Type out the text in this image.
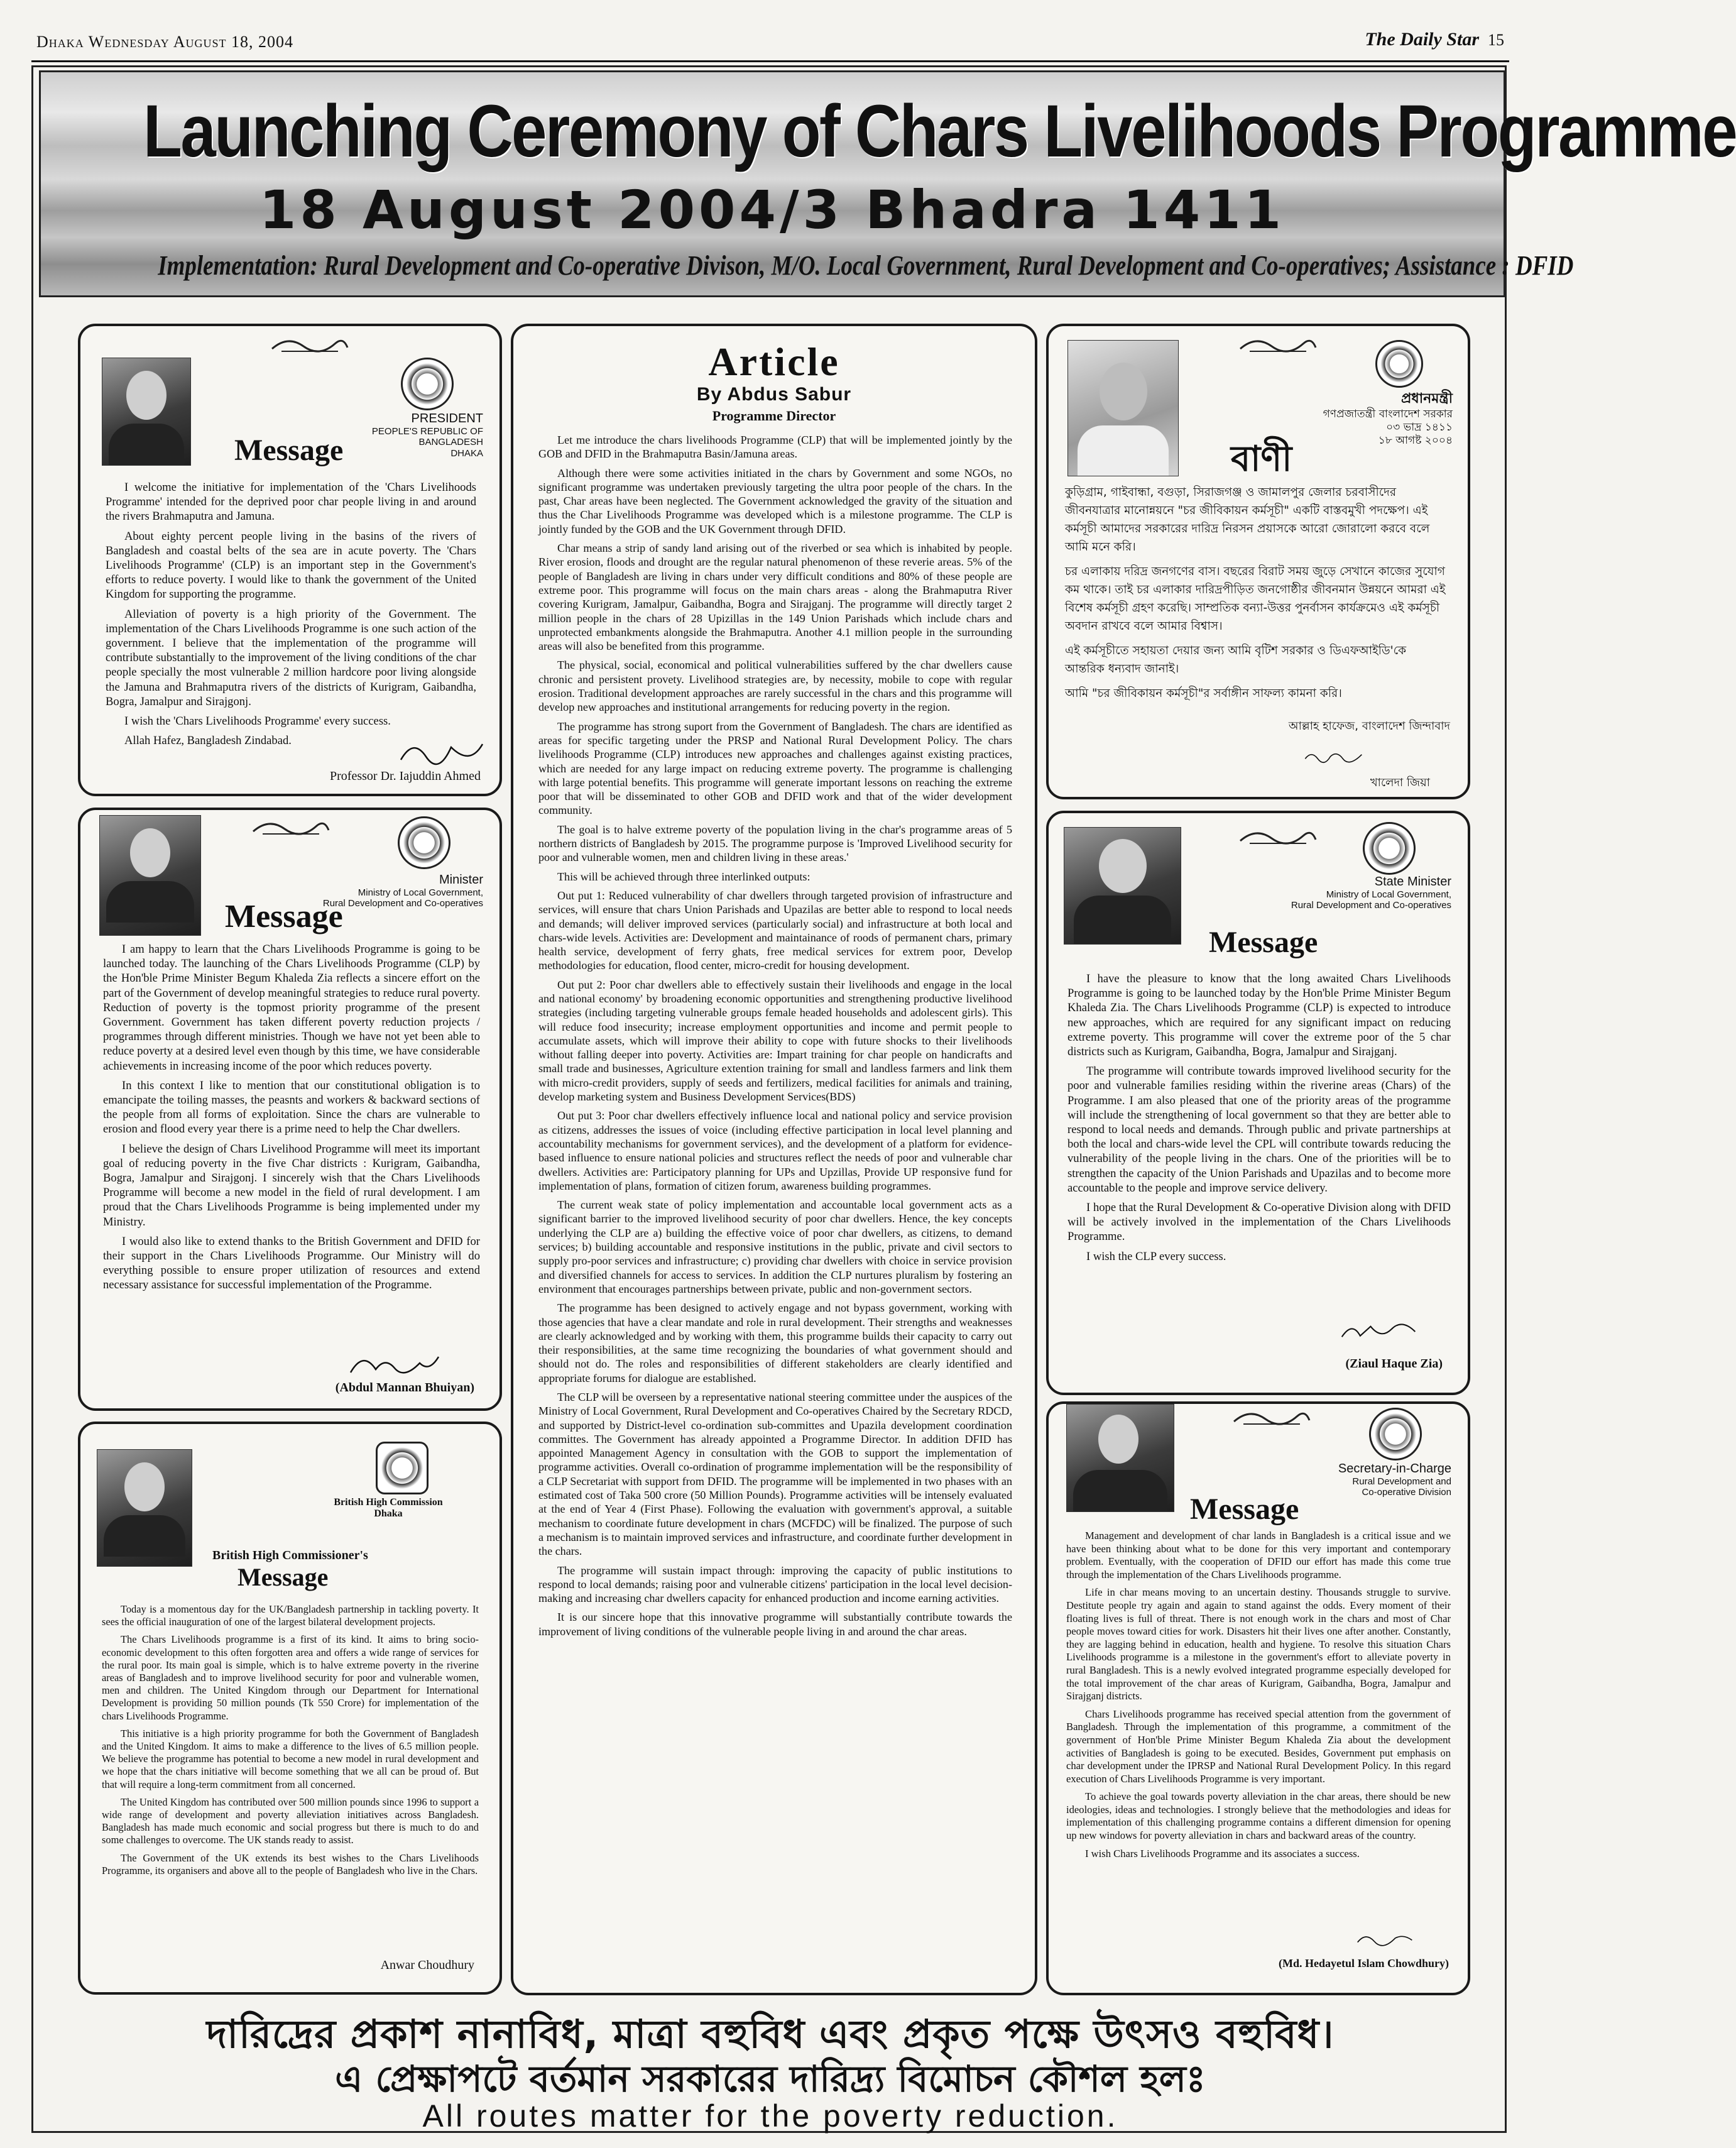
Dhaka Wednesday August 18, 2004	The Daily Star 15
Launching Ceremony of Chars Livelihoods Programme
18 August 2004/3 Bhadra 1411
Implementation: Rural Development and Co-operative Divison, M/O. Local Government, Rural Development and Co-operatives; Assistance : DFID
PRESIDENT
PEOPLE'S REPUBLIC OF BANGLADESH
DHAKA
Message

I welcome the initiative for implementation of the 'Chars Livelihoods Programme' intended for the deprived poor char people living in and around the rivers Brahmaputra and Jamuna.

About eighty percent people living in the basins of the rivers of Bangladesh and coastal belts of the sea are in acute poverty. The 'Chars Livelihoods Programme' (CLP) is an important step in the Government's efforts to reduce poverty. I would like to thank the government of the United Kingdom for supporting the programme.

Alleviation of poverty is a high priority of the Government. The implementation of the Chars Livelihoods Programme is one such action of the government. I believe that the implementation of the programme will contribute substantially to the improvement of the living conditions of the char people specially the most vulnerable 2 million hardcore poor living alongside the Jamuna and Brahmaputra rivers of the districts of Kurigram, Gaibandha, Bogra, Jamalpur and Sirajgonj.

I wish the 'Chars Livelihoods Programme' every success.

Allah Hafez, Bangladesh Zindabad.

Professor Dr. Iajuddin Ahmed
Minister
Ministry of Local Government,
Rural Development and Co-operatives
Message

I am happy to learn that the Chars Livelihoods Programme is going to be launched today. The launching of the Chars Livelihoods Programme (CLP) by the Hon'ble Prime Minister Begum Khaleda Zia reflects a sincere effort on the part of the Government of develop meaningful strategies to reduce rural poverty. Reduction of poverty is the topmost priority programme of the present Government. Government has taken different poverty reduction projects / programmes through different ministries. Though we have not yet been able to reduce poverty at a desired level even though by this time, we have considerable achievements in increasing income of the poor which reduces poverty.

In this context I like to mention that our constitutional obligation is to emancipate the toiling masses, the peasnts and workers & backward sections of the people from all forms of exploitation. Since the chars are vulnerable to erosion and flood every year there is a prime need to help the Char dwellers.

I believe the design of Chars Livelihood Programme will meet its important goal of reducing poverty in the five Char districts : Kurigram, Gaibandha, Bogra, Jamalpur and Sirajgonj. I sincerely wish that the Chars Livelihoods Programme will become a new model in the field of rural development. I am proud that the Chars Livelihoods Programme is being implemented under my Ministry.

I would also like to extend thanks to the British Government and DFID for their support in the Chars Livelihoods Programme. Our Ministry will do everything possible to ensure proper utilization of resources and extend necessary assistance for successful implementation of the Programme.

(Abdul Mannan Bhuiyan)
British High Commission
Dhaka
British High Commissioner's
Message

Today is a momentous day for the UK/Bangladesh partnership in tackling poverty. It sees the official inauguration of one of the largest bilateral development projects.

The Chars Livelihoods programme is a first of its kind. It aims to bring socio-economic development to this often forgotten area and offers a wide range of services for the rural poor. Its main goal is simple, which is to halve extreme poverty in the riverine areas of Bangladesh and to improve livelihood security for poor and vulnerable women, men and children. The United Kingdom through our Department for International Development is providing 50 million pounds (Tk 550 Crore) for implementation of the chars Livelihoods Programme.

This initiative is a high priority programme for both the Government of Bangladesh and the United Kingdom. It aims to make a difference to the lives of 6.5 million people. We believe the programme has potential to become a new model in rural development and we hope that the chars initiative will become something that we all can be proud of. But that will require a long-term commitment from all concerned.

The United Kingdom has contributed over 500 million pounds since 1996 to support a wide range of development and poverty alleviation initiatives across Bangladesh. Bangladesh has made much economic and social progress but there is much to do and some challenges to overcome. The UK stands ready to assist.

The Government of the UK extends its best wishes to the Chars Livelihoods Programme, its organisers and above all to the people of Bangladesh who live in the Chars.

Anwar Choudhury
Article
By Abdus Sabur
Programme Director

Let me introduce the chars livelihoods Programme (CLP) that will be implemented jointly by the GOB and DFID in the Brahmaputra Basin/Jamuna areas.

Although there were some activities initiated in the chars by Government and some NGOs, no significant programme was undertaken previously targeting the ultra poor people of the chars. In the past, Char areas have been neglected. The Government acknowledged the gravity of the situation and thus the Char Livelihoods Programme was developed which is a milestone programme. The CLP is jointly funded by the GOB and the UK Government through DFID.

Char means a strip of sandy land arising out of the riverbed or sea which is inhabited by people. River erosion, floods and drought are the regular natural phenomenon of these reverie areas. 5% of the people of Bangladesh are living in chars under very difficult conditions and 80% of these people are extreme poor. This programme will focus on the main chars areas - along the Brahmaputra River covering Kurigram, Jamalpur, Gaibandha, Bogra and Sirajganj. The programme will directly target 2 million people in the chars of 28 Upizillas in the 149 Union Parishads which include chars and unprotected embankments alongside the Brahmaputra. Another 4.1 million people in the surrounding areas will also be benefited from this programme.

The physical, social, economical and political vulnerabilities suffered by the char dwellers cause chronic and persistent provety. Livelihood strategies are, by necessity, mobile to cope with regular erosion. Traditional development approaches are rarely successful in the chars and this programme will develop new approaches and institutional arrangements for reducing poverty in the region.

The programme has strong suport from the Government of Bangladesh. The chars are identified as areas for specific targeting under the PRSP and National Rural Development Policy. The chars livelihoods Programme (CLP) introduces new approaches and challenges against existing practices, which are needed for any large impact on reducing extreme poverty. The programme is challenging with large potential benefits. This programme will generate important lessons on reaching the extreme poor that will be disseminated to other GOB and DFID work and that of the wider development community.

The goal is to halve extreme poverty of the population living in the char's programme areas of 5 northern districts of Bangladesh by 2015. The programme purpose is 'Improved Livelihood security for poor and vulnerable women, men and children living in these areas.'

This will be achieved through three interlinked outputs:

Out put 1: Reduced vulnerability of char dwellers through targeted provision of infrastructure and services, will ensure that chars Union Parishads and Upazilas are better able to respond to local needs and demands; will deliver improved services (particularly social) and infrastructure at both local and chars-wide levels. Activities are: Development and maintainance of roods of permanent chars, primary health service, development of ferry ghats, free medical services for extrem poor, Develop methodologies for education, flood center, micro-credit for housing development.

Out put 2: Poor char dwellers able to effectively sustain their livelihoods and engage in the local and national economy' by broadening economic opportunities and strengthening productive livelihood strategies (including targeting vulnerable groups female headed households and adolescent girls). This will reduce food insecurity; increase employment opportunities and income and permit people to accumulate assets, which will improve their ability to cope with future shocks to their livelihoods without falling deeper into poverty. Activities are: Impart training for char people on handicrafts and small trade and businesses, Agriculture extention training for small and landless farmers and link them with micro-credit providers, supply of seeds and fertilizers, medical facilities for animals and training, develop marketing system and Business Development Services(BDS)

Out put 3: Poor char dwellers effectively influence local and national policy and service provision as citizens, addresses the issues of voice (including effective participation in local level planning and accountability mechanisms for government services), and the development of a platform for evidence- based influence to ensure national policies and structures reflect the needs of poor and vulnerable char dwellers. Activities are: Participatory planning for UPs and Upzillas, Provide UP responsive fund for implementation of plans, formation of citizen forum, awareness building programmes.

The current weak state of policy implementation and accountable local government acts as a significant barrier to the improved livelihood security of poor char dwellers. Hence, the key concepts underlying the CLP are a) building the effective voice of poor char dwellers, as citizens, to demand services; b) building accountable and responsive institutions in the public, private and civil sectors to supply pro-poor services and infrastructure; c) providing char dwellers with choice in service provision and diversified channels for access to services. In addition the CLP nurtures pluralism by fostering an environment that encourages partnerships between private, public and non-government sectors.

The programme has been designed to actively engage and not bypass government, working with those agencies that have a clear mandate and role in rural development. Their strengths and weaknesses are clearly acknowledged and by working with them, this programme builds their capacity to carry out their responsibilities, at the same time recognizing the boundaries of what government should and should not do. The roles and responsibilities of different stakeholders are clearly identified and appropriate forums for dialogue are established.

The CLP will be overseen by a representative national steering committee under the auspices of the Ministry of Local Government, Rural Development and Co-operatives Chaired by the Secretary RDCD, and supported by District-level co-ordination sub-committes and Upazila development coordination committes. The Government has already appointed a Programme Director. In addition DFID has appointed Management Agency in consultation with the GOB to support the implementation of programme activities. Overall co-ordination of programme implementation will be the responsibility of a CLP Secretariat with support from DFID. The programme will be implemented in two phases with an estimated cost of Taka 500 crore (50 Million Pounds). Programme activities will be intensely evaluated at the end of Year 4 (First Phase). Following the evaluation with government's approval, a suitable mechanism to coordinate future development in chars (MCFDC) will be finalized. The purpose of such a mechanism is to maintain improved services and infrastructure, and coordinate further development in the chars.

The programme will sustain impact through: improving the capacity of public institutions to respond to local demands; raising poor and vulnerable citizens' participation in the local level decision-making and increasing char dwellers capacity for enhanced production and income earning activities.

It is our sincere hope that this innovative programme will substantially contribute towards the improvement of living conditions of the vulnerable people living in and around the char areas.

প্রধানমন্ত্রী
গণপ্রজাতন্ত্রী বাংলাদেশ সরকার
০৩ ভাদ্র ১৪১১
১৮ আগষ্ট ২০০৪
বাণী

কুড়িগ্রাম, গাইবান্ধা, বগুড়া, সিরাজগঞ্জ ও জামালপুর জেলার চরবাসীদের জীবনযাত্রার মানোন্নয়নে "চর জীবিকায়ন কর্মসূচী" একটি বাস্তবমুখী পদক্ষেপ। এই কর্মসূচী আমাদের সরকারের দারিদ্র নিরসন প্রয়াসকে আরো জোরালো করবে বলে আমি মনে করি।

চর এলাকায় দরিদ্র জনগণের বাস। বছরের বিরাট সময় জুড়ে সেখানে কাজের সুযোগ কম থাকে। তাই চর এলাকার দারিদ্রপীড়িত জনগোষ্ঠীর জীবনমান উন্নয়নে আমরা এই বিশেষ কর্মসূচী গ্রহণ করেছি। সাম্প্রতিক বন্যা-উত্তর পুনর্বাসন কার্যক্রমেও এই কর্মসূচী অবদান রাখবে বলে আমার বিশ্বাস।

এই কর্মসূচীতে সহায়তা দেয়ার জন্য আমি বৃটিশ সরকার ও ডিএফআইডি'কে আন্তরিক ধন্যবাদ জানাই।

আমি "চর জীবিকায়ন কর্মসূচী"র সর্বাঙ্গীন সাফল্য কামনা করি।

আল্লাহ হাফেজ, বাংলাদেশ জিন্দাবাদ
খালেদা জিয়া
State Minister
Ministry of Local Government,
Rural Development and Co-operatives
Message

I have the pleasure to know that the long awaited Chars Livelihoods Programme is going to be launched today by the Hon'ble Prime Minister Begum Khaleda Zia. The Chars Livelihoods Programme (CLP) is expected to introduce new approaches, which are required for any significant impact on reducing extreme poverty. This programme will cover the extreme poor of the 5 char districts such as Kurigram, Gaibandha, Bogra, Jamalpur and Sirajganj.

The programme will contribute towards improved livelihood security for the poor and vulnerable families residing within the riverine areas (Chars) of the Programme. I am also pleased that one of the priority areas of the programme will include the strengthening of local government so that they are better able to respond to local needs and demands. Through public and private partnerships at both the local and chars-wide level the CPL will contribute towards reducing the vulnerability of the people living in the chars. One of the priorities will be to strengthen the capacity of the Union Parishads and Upazilas and to become more accountable to the people and improve service delivery.

I hope that the Rural Development & Co-operative Division along with DFID will be actively involved in the implementation of the Chars Livelihoods Programme.

I wish the CLP every success.

(Ziaul Haque Zia)
Secretary-in-Charge
Rural Development and
Co-operative Division
Message

Management and development of char lands in Bangladesh is a critical issue and we have been thinking about what to be done for this very important and contemporary problem. Eventually, with the cooperation of DFID our effort has made this come true through the implementation of the Chars Livelihoods programme.

Life in char means moving to an uncertain destiny. Thousands struggle to survive. Destitute people try again and again to stand against the odds. Every moment of their floating lives is full of threat. There is not enough work in the chars and most of Char people moves toward cities for work. Disasters hit their lives one after another. Constantly, they are lagging behind in education, health and hygiene. To resolve this situation Chars Livelihoods programme is a milestone in the government's effort to alleviate poverty in rural Bangladesh. This is a newly evolved integrated programme especially developed for the total improvement of the char areas of Kurigram, Gaibandha, Bogra, Jamalpur and Sirajganj districts.

Chars Livelihoods programme has received special attention from the government of Bangladesh. Through the implementation of this programme, a commitment of the government of Hon'ble Prime Minister Begum Khaleda Zia about the development activities of Bangladesh is going to be executed. Besides, Government put emphasis on char development under the IPRSP and National Rural Development Policy. In this regard execution of Chars Livelihoods Programme is very important.

To achieve the goal towards poverty alleviation in the char areas, there should be new ideologies, ideas and technologies. I strongly believe that the methodologies and ideas for implementation of this challenging programme contains a different dimension for opening up new windows for poverty alleviation in chars and backward areas of the country.

I wish Chars Livelihoods Programme and its associates a success.

(Md. Hedayetul Islam Chowdhury)
দারিদ্রের প্রকাশ নানাবিধ, মাত্রা বহুবিধ এবং প্রকৃত পক্ষে উৎসও বহুবিধ।
এ প্রেক্ষাপটে বর্তমান সরকারের দারিদ্র্য বিমোচন কৌশল হলঃ
All routes matter for the poverty reduction.
